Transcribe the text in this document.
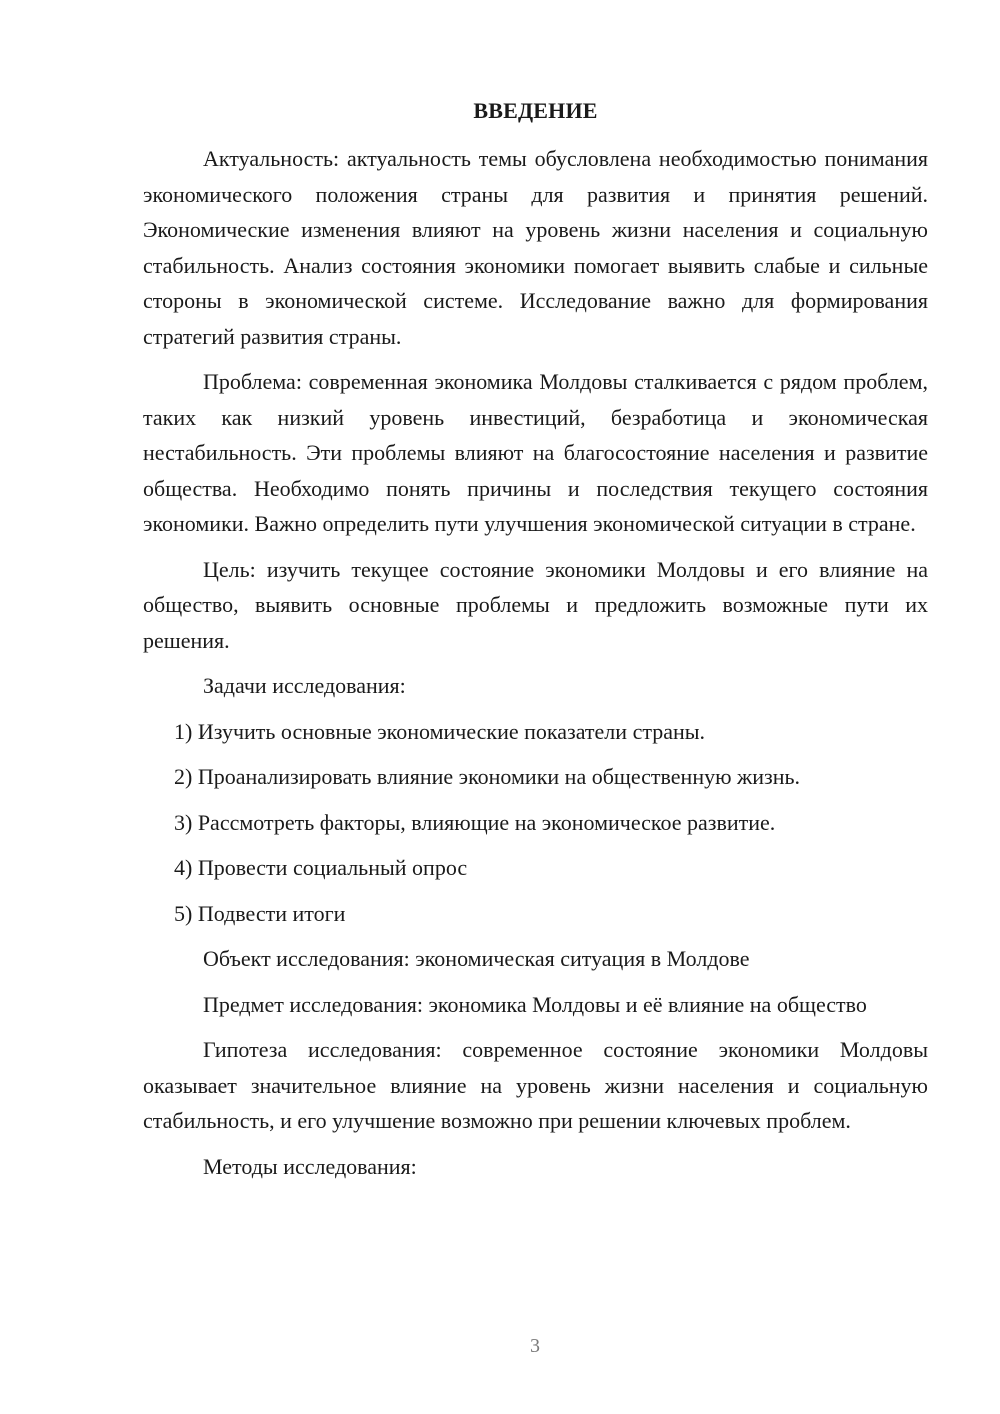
ВВЕДЕНИЕ

Актуальность: актуальность темы обусловлена необходимостью понимания экономического положения страны для развития и принятия решений. Экономические изменения влияют на уровень жизни населения и социальную стабильность. Анализ состояния экономики помогает выявить слабые и сильные стороны в экономической системе. Исследование важно для формирования стратегий развития страны.

Проблема: современная экономика Молдовы сталкивается с рядом проблем, таких как низкий уровень инвестиций, безработица и экономическая нестабильность. Эти проблемы влияют на благосостояние населения и развитие общества. Необходимо понять причины и последствия текущего состояния экономики. Важно определить пути улучшения экономической ситуации в стране.

Цель: изучить текущее состояние экономики Молдовы и его влияние на общество, выявить основные проблемы и предложить возможные пути их решения.

Задачи исследования:

1) Изучить основные экономические показатели страны.
2) Проанализировать влияние экономики на общественную жизнь.
3) Рассмотреть факторы, влияющие на экономическое развитие.
4) Провести социальный опрос
5) Подвести итоги

Объект исследования: экономическая ситуация в Молдове

Предмет исследования: экономика Молдовы и её влияние на общество

Гипотеза исследования: современное состояние экономики Молдовы оказывает значительное влияние на уровень жизни населения и социальную стабильность, и его улучшение возможно при решении ключевых проблем.

Методы исследования:

3
